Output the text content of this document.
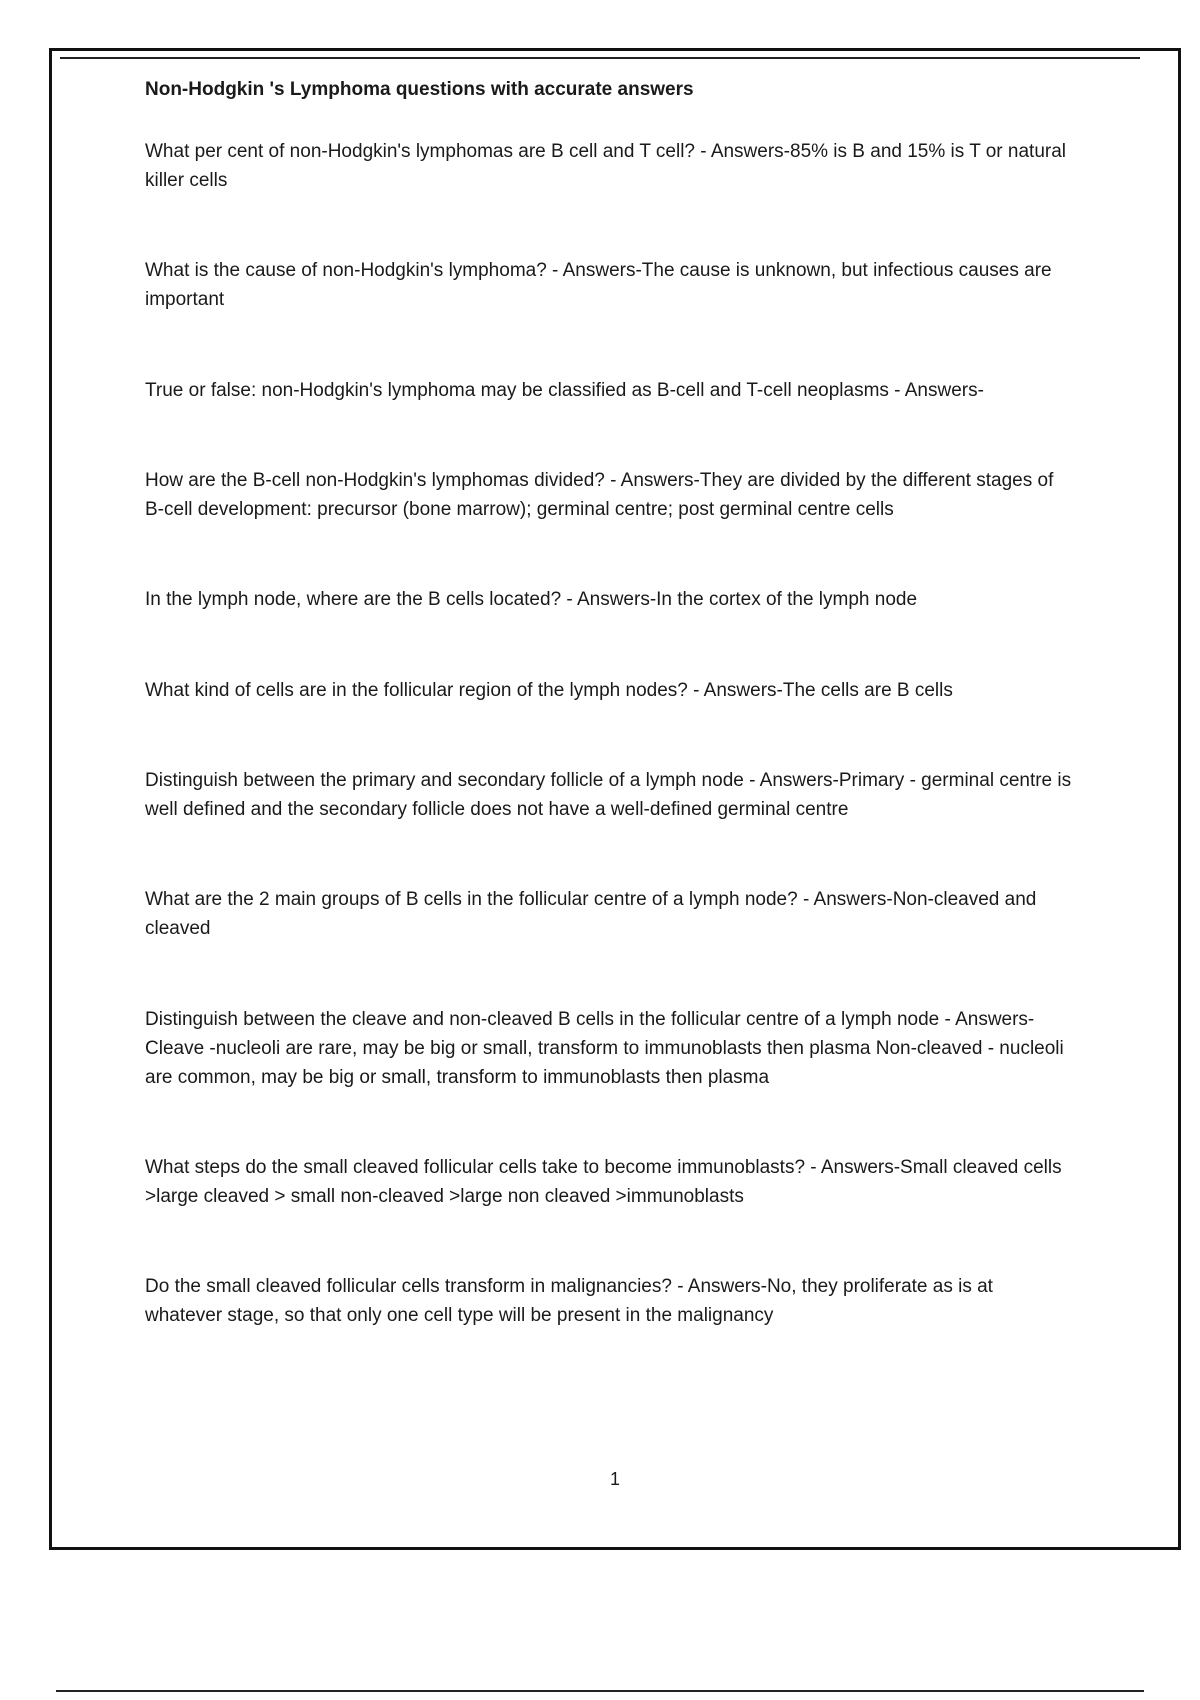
Non-Hodgkin 's Lymphoma questions with accurate answers

What per cent of non-Hodgkin's lymphomas are B cell and T cell? - Answers-85% is B and 15% is T or natural killer cells
What is the cause of non-Hodgkin's lymphoma? - Answers-The cause is unknown, but infectious causes are important
True or false: non-Hodgkin's lymphoma may be classified as B-cell and T-cell neoplasms - Answers-
How are the B-cell non-Hodgkin's lymphomas divided? - Answers-They are divided by the different stages of B-cell development: precursor (bone marrow); germinal centre; post germinal centre cells
In the lymph node, where are the B cells located? - Answers-In the cortex of the lymph node
What kind of cells are in the follicular region of the lymph nodes? - Answers-The cells are B cells
Distinguish between the primary and secondary follicle of a lymph node - Answers-Primary - germinal centre is well defined and the secondary follicle does not have a well-defined germinal centre
What are the 2 main groups of B cells in the follicular centre of a lymph node? - Answers-Non-cleaved and cleaved
Distinguish between the cleave and non-cleaved B cells in the follicular centre of a lymph node - Answers-Cleave -nucleoli are rare, may be big or small, transform to immunoblasts then plasma Non-cleaved - nucleoli are common, may be big or small, transform to immunoblasts then plasma
What steps do the small cleaved follicular cells take to become immunoblasts? - Answers-Small cleaved cells >large cleaved > small non-cleaved >large non cleaved >immunoblasts
Do the small cleaved follicular cells transform in malignancies? - Answers-No, they proliferate as is at whatever stage, so that only one cell type will be present in the malignancy
1
